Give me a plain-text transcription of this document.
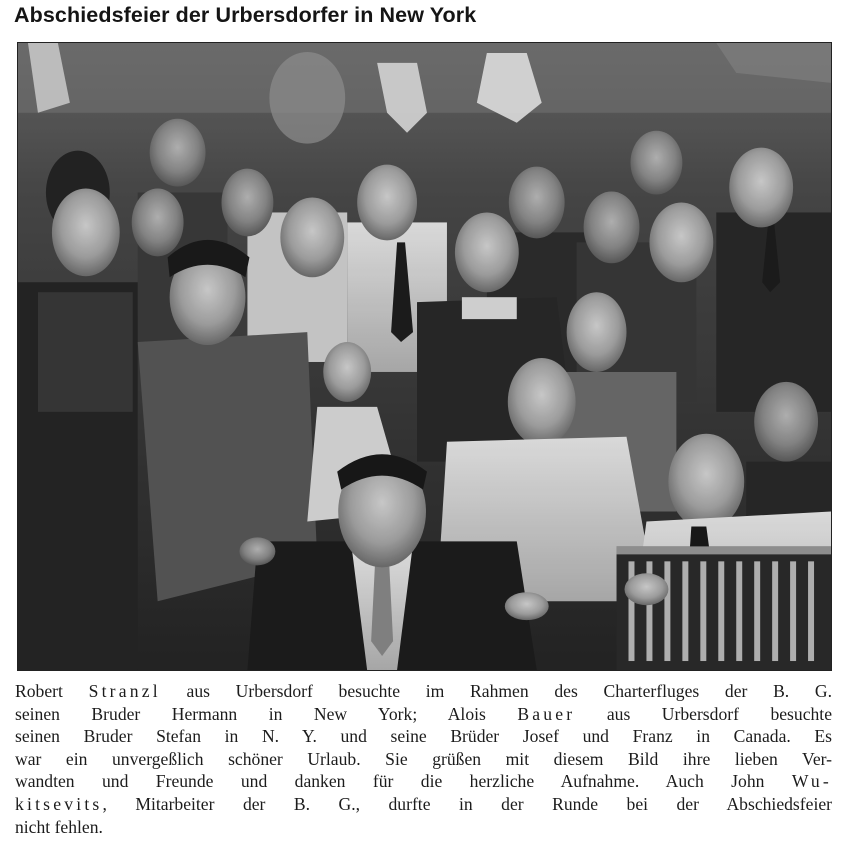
Abschiedsfeier der Urbersdorfer in New York
Robert Stranzl aus Urbersdorf besuchte im Rahmen des Charterfluges der B. G.
seinen Bruder Hermann in New York; Alois Bauer aus Urbersdorf besuchte
seinen Bruder Stefan in N. Y. und seine Brüder Josef und Franz in Canada. Es
war ein unvergeßlich schöner Urlaub. Sie grüßen mit diesem Bild ihre lieben Ver-
wandten und Freunde und danken für die herzliche Aufnahme. Auch John Wu-
kitsevits, Mitarbeiter der B. G., durfte in der Runde bei der Abschiedsfeier
nicht fehlen.
